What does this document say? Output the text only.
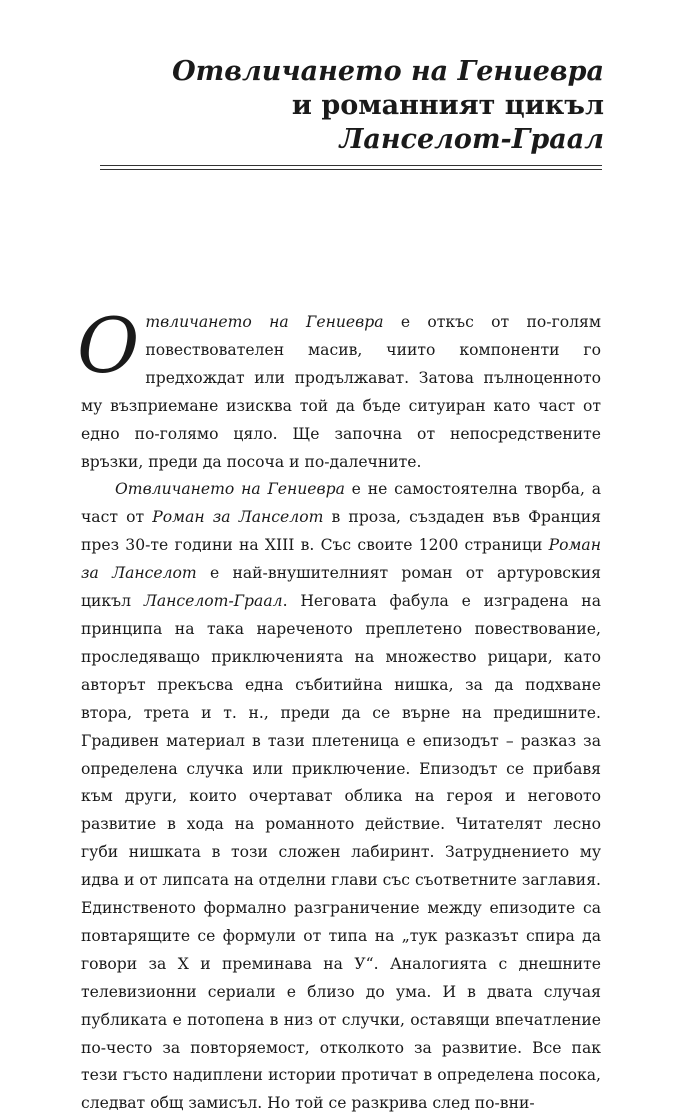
Отвличането на Гениевра
и романният цикъл
Ланселот-Граал

Отвличането на Гениевра е откъс от по-голям повествователен масив, чиито компоненти го предхождат или продължават. Затова пълноценното му възприемане изисква той да бъде ситуиран като част от едно по-голямо цяло. Ще започна от непосредствените връзки, преди да посоча и по-далечните.

Отвличането на Гениевра е не самостоятелна творба, а част от Роман за Ланселот в проза, създаден във Франция през 30-те години на XIII в. Със своите 1200 страници Роман за Ланселот е най-внушителният роман от артуровския цикъл Ланселот-Граал. Неговата фабула е изградена на принципа на така нареченото преплетено повествование, проследяващо приключенията на множество рицари, като авторът прекъсва една събитийна нишка, за да подхване втора, трета и т. н., преди да се върне на предишните. Градивен материал в тази плетеница е епизодът – разказ за определена случка или приключение. Епизодът се прибавя към други, които очертават облика на героя и неговото развитие в хода на романното действие. Читателят лесно губи нишката в този сложен лабиринт. Затруднението му идва и от липсата на отделни глави със съответните заглавия. Единственото формално разграничение между епизодите са повтарящите се формули от типа на „тук разказът спира да говори за Х и преминава на У“. Аналогията с днешните телевизионни сериали е близо до ума. И в двата случая публиката е потопена в низ от случки, оставящи впечатление по-често за повторяемост, отколкото за развитие. Все пак тези гъсто надиплени истории протичат в определена посока, следват общ замисъл. Но той се разкрива след по-вни-
